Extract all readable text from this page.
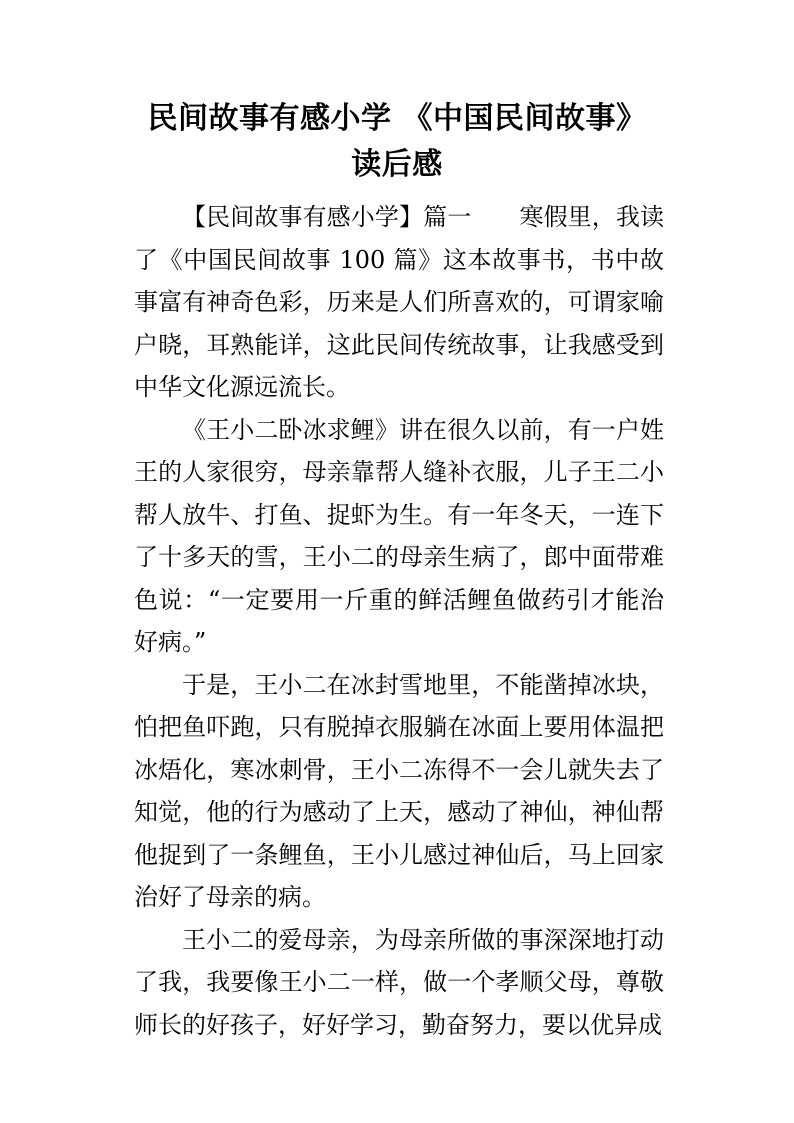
民间故事有感小学 《中国民间故事》
读后感

【民间故事有感小学】篇一 寒假里，我读了《中国民间故事 100 篇》这本故事书，书中故事富有神奇色彩，历来是人们所喜欢的，可谓家喻户晓，耳熟能详，这此民间传统故事，让我感受到中华文化源远流长。

《王小二卧冰求鲤》讲在很久以前，有一户姓王的人家很穷，母亲靠帮人缝补衣服，儿子王二小帮人放牛、打鱼、捉虾为生。有一年冬天，一连下了十多天的雪，王小二的母亲生病了，郎中面带难色说：“一定要用一斤重的鲜活鲤鱼做药引才能治好病。”

于是，王小二在冰封雪地里，不能凿掉冰块，怕把鱼吓跑，只有脱掉衣服躺在冰面上要用体温把冰焐化，寒冰刺骨，王小二冻得不一会儿就失去了知觉，他的行为感动了上天，感动了神仙，神仙帮他捉到了一条鲤鱼，王小儿感过神仙后，马上回家治好了母亲的病。

王小二的爱母亲，为母亲所做的事深深地打动了我，我要像王小二一样，做一个孝顺父母，尊敬师长的好孩子，好好学习，勤奋努力，要以优异成
